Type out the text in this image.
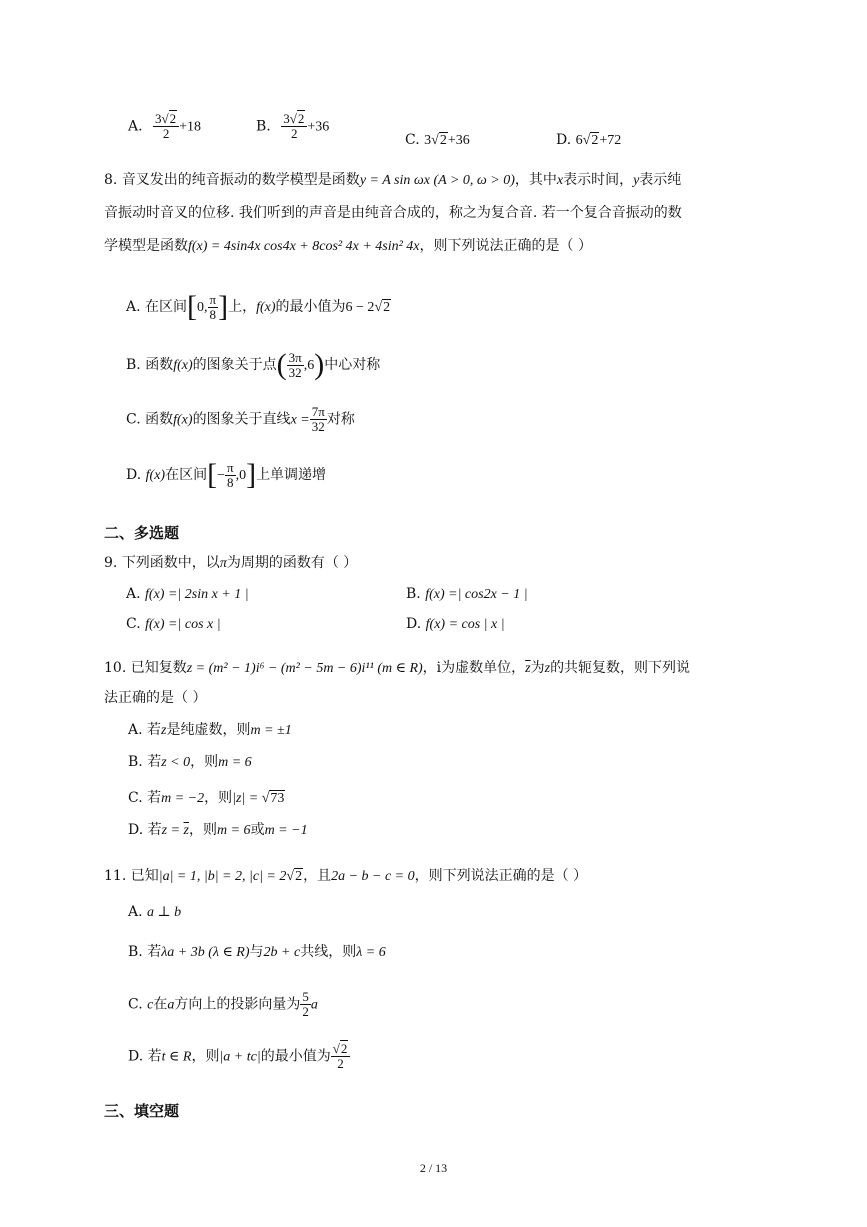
A. $\frac{3√2}{2} +18$	B. $\frac{3√2}{2} +36$
C. 3√2+36	D. 6√2+72
8. 音叉发出的纯音振动的数学模型是函数y = A sin ωx (A > 0, ω > 0)，其中x表示时间，y表示纯
音振动时音叉的位移. 我们听到的声音是由纯音合成的，称之为复合音. 若一个复合音振动的数
学模型是函数f(x) = 4sin4x cos4x + 8cos² 4x + 4sin² 4x，则下列说法正确的是（ ）
A. 在区间[0, $\frac{\pi}{8}$ ]上，f(x)的最小值为6 − 2√2
B. 函数f(x)的图象关于点( $\frac{3\pi}{32} ,6$)中心对称
C. 函数f(x)的图象关于直线$x = \frac{7\pi}{32}$ 对称
D. f(x)在区间[− $\frac{\pi}{8} ,0$]上单调递增
二、多选题
9. 下列函数中，以π为周期的函数有（ ）
A. f(x) =| 2sin x + 1 |	B. f(x) =| cos2x − 1 |
C. f(x) =| cos x |	D. f(x) = cos | x |
10. 已知复数z = (m² − 1)i⁶ − (m² − 5m − 6)i¹¹ (m ∈ R)，i为虚数单位，$\overline{z}$为z的共轭复数，则下列说
法正确的是（ ）
A. 若z是纯虚数，则m = ±1
B. 若z < 0，则m = 6
C. 若m = −2，则|z| = √73
D. 若$z = \overline{z}$，则m = 6或m = −1
11. 已知|a| = 1, |b| = 2, |c| = 2√2，且2a − b − c = 0，则下列说法正确的是（ ）
A. a ⊥ b
B. 若λa + 3b (λ ∈ R)与2b + c共线，则λ = 6
C. c在a方向上的投影向量为 $\frac{5}{2}$ a
D. 若t ∈ R，则|a + tc|的最小值为 $\frac{√2}{2}$
三、填空题
2 / 13
